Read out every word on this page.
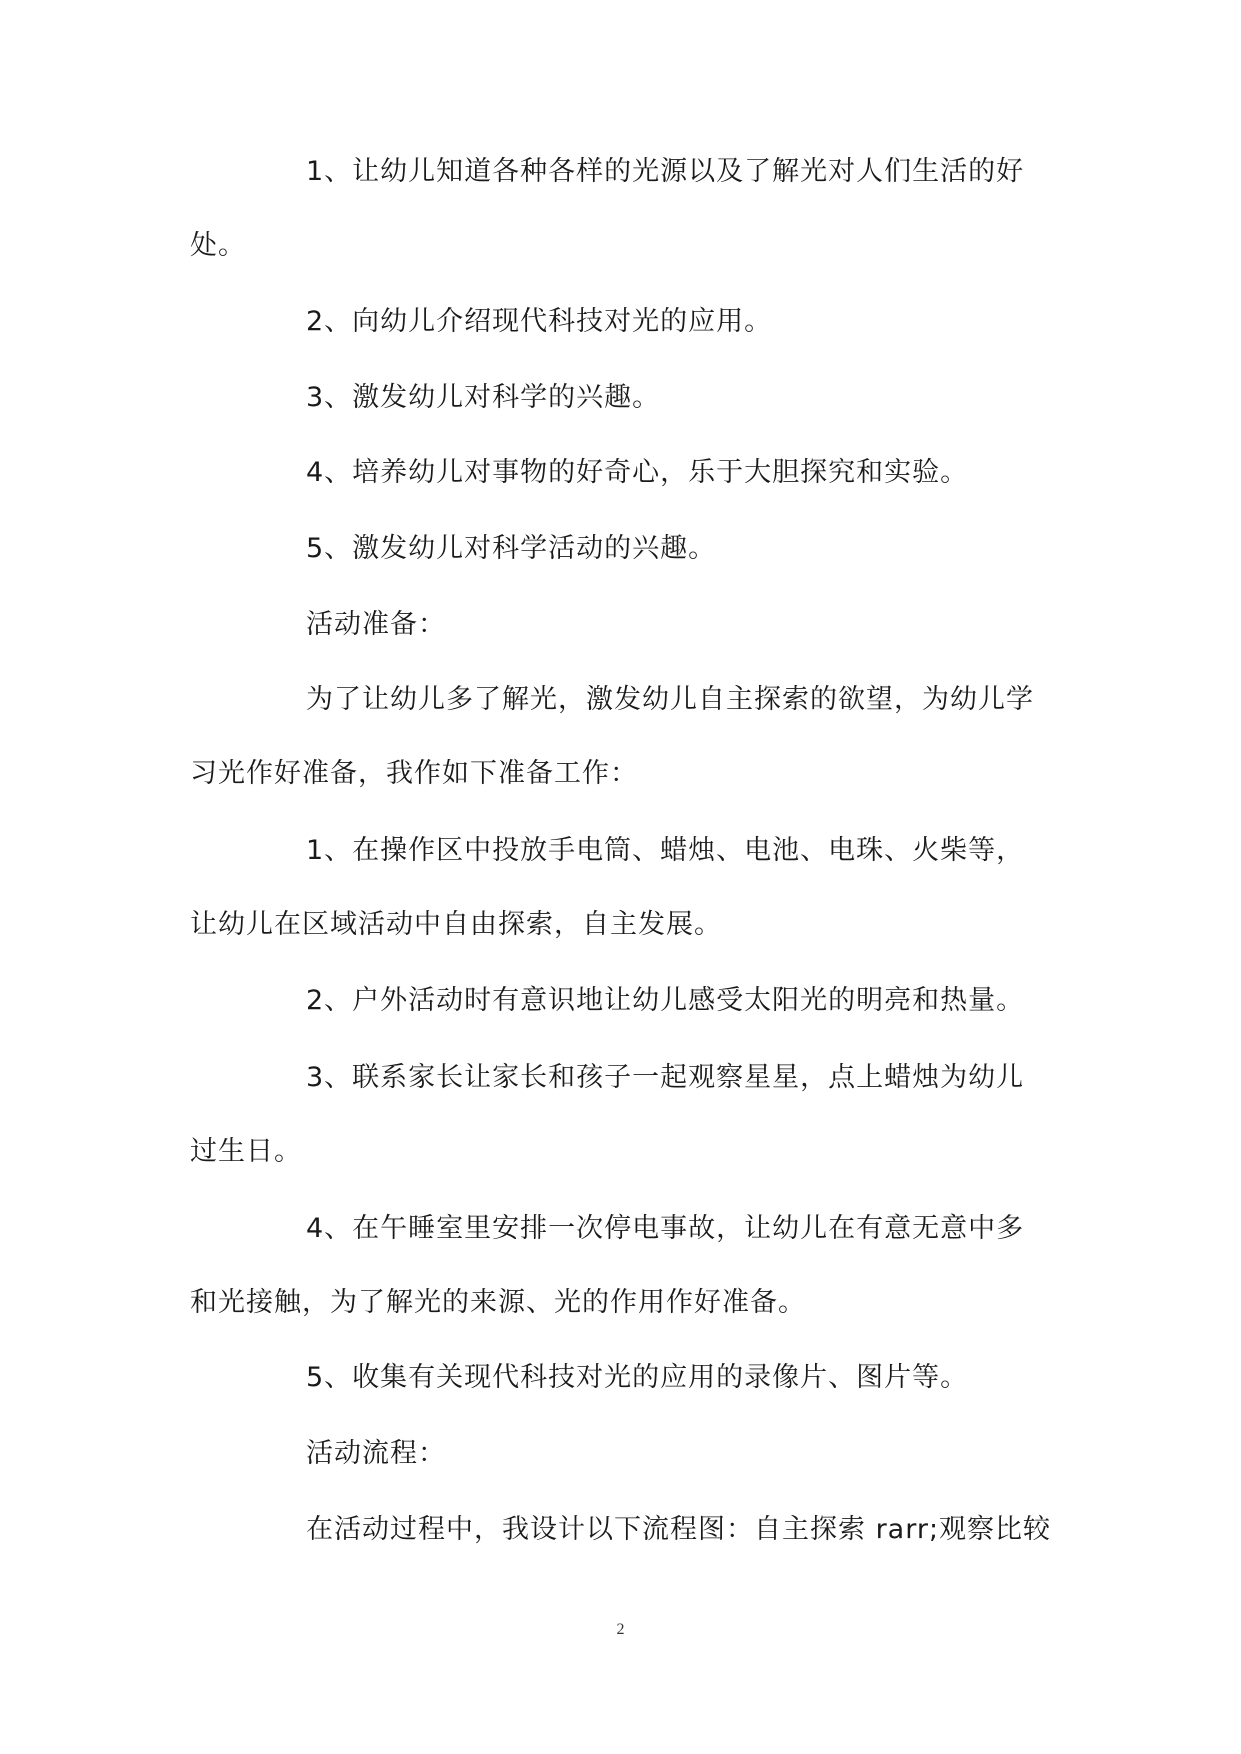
1、让幼儿知道各种各样的光源以及了解光对人们生活的好
处。
2、向幼儿介绍现代科技对光的应用。
3、激发幼儿对科学的兴趣。
4、培养幼儿对事物的好奇心，乐于大胆探究和实验。
5、激发幼儿对科学活动的兴趣。
活动准备：
为了让幼儿多了解光，激发幼儿自主探索的欲望，为幼儿学
习光作好准备，我作如下准备工作：
1、在操作区中投放手电筒、蜡烛、电池、电珠、火柴等，
让幼儿在区域活动中自由探索，自主发展。
2、户外活动时有意识地让幼儿感受太阳光的明亮和热量。
3、联系家长让家长和孩子一起观察星星，点上蜡烛为幼儿
过生日。
4、在午睡室里安排一次停电事故，让幼儿在有意无意中多
和光接触，为了解光的来源、光的作用作好准备。
5、收集有关现代科技对光的应用的录像片、图片等。
活动流程：
在活动过程中，我设计以下流程图：自主探索 rarr;观察比较
2
